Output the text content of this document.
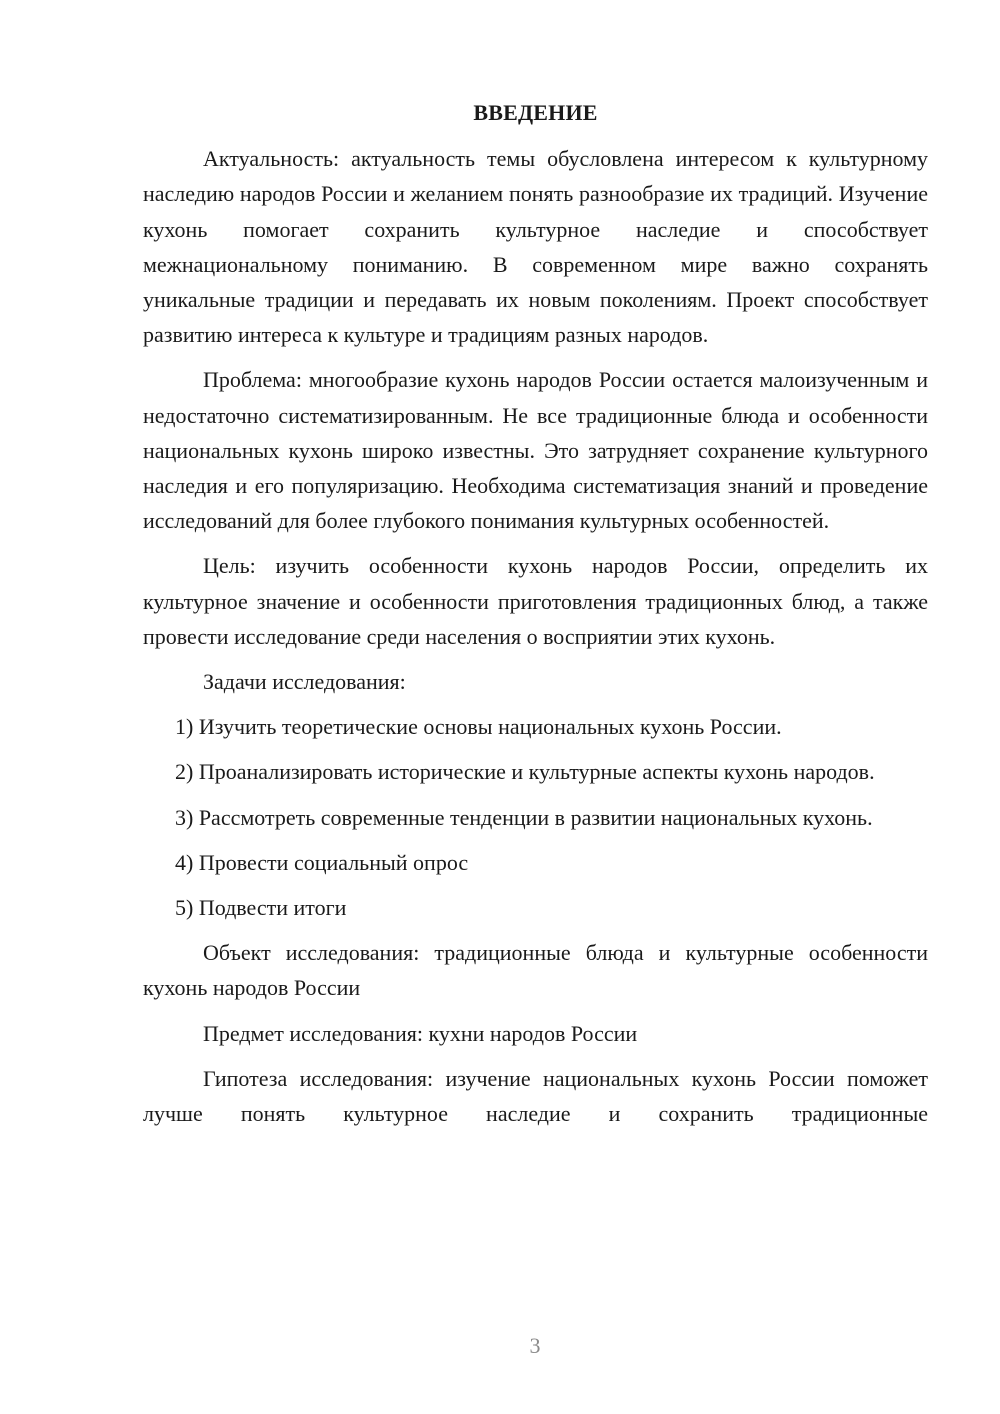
ВВЕДЕНИЕ

Актуальность: актуальность темы обусловлена интересом к культурному наследию народов России и желанием понять разнообразие их традиций. Изучение кухонь помогает сохранить культурное наследие и способствует межнациональному пониманию. В современном мире важно сохранять уникальные традиции и передавать их новым поколениям. Проект способствует развитию интереса к культуре и традициям разных народов.

Проблема: многообразие кухонь народов России остается малоизученным и недостаточно систематизированным. Не все традиционные блюда и особенности национальных кухонь широко известны. Это затрудняет сохранение культурного наследия и его популяризацию. Необходима систематизация знаний и проведение исследований для более глубокого понимания культурных особенностей.

Цель: изучить особенности кухонь народов России, определить их культурное значение и особенности приготовления традиционных блюд, а также провести исследование среди населения о восприятии этих кухонь.

Задачи исследования:

1) Изучить теоретические основы национальных кухонь России.

2) Проанализировать исторические и культурные аспекты кухонь народов.

3) Рассмотреть современные тенденции в развитии национальных кухонь.

4) Провести социальный опрос

5) Подвести итоги

Объект исследования: традиционные блюда и культурные особенности кухонь народов России

Предмет исследования: кухни народов России

Гипотеза исследования: изучение национальных кухонь России поможет лучше понять культурное наследие и сохранить традиционные

3
